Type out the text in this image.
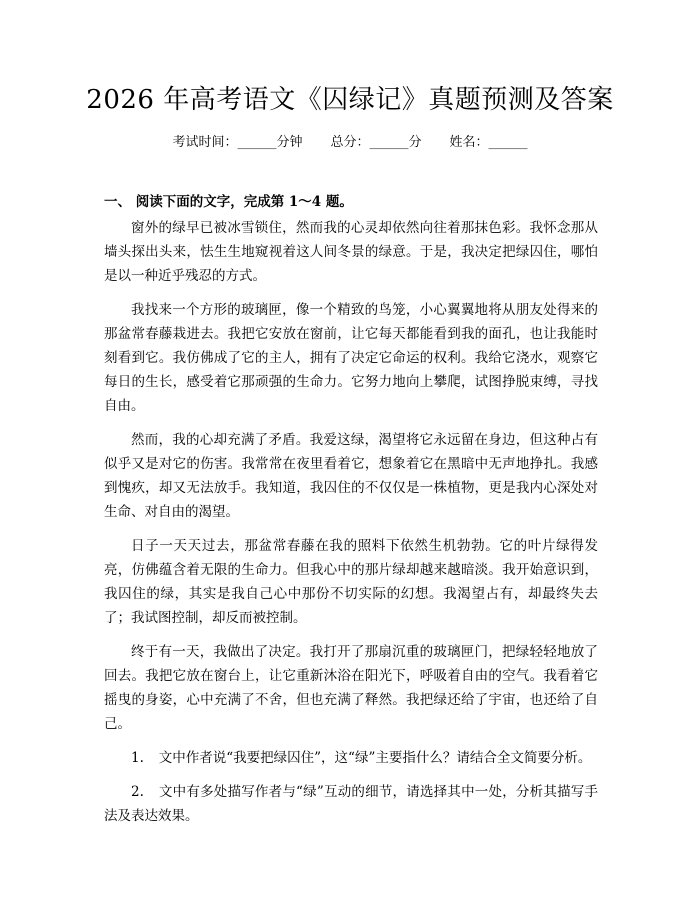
2026 年高考语文《囚绿记》真题预测及答案
考试时间：______分钟 总分：______分 姓名：______
一、 阅读下面的文字，完成第 1～4 题。

窗外的绿早已被冰雪锁住，然而我的心灵却依然向往着那抹色彩。我怀念那从墙头探出头来，怯生生地窥视着这人间冬景的绿意。于是，我决定把绿囚住，哪怕是以一种近乎残忍的方式。

我找来一个方形的玻璃匣，像一个精致的鸟笼，小心翼翼地将从朋友处得来的那盆常春藤栽进去。我把它安放在窗前，让它每天都能看到我的面孔，也让我能时刻看到它。我仿佛成了它的主人，拥有了决定它命运的权利。我给它浇水，观察它每日的生长，感受着它那顽强的生命力。它努力地向上攀爬，试图挣脱束缚，寻找自由。

然而，我的心却充满了矛盾。我爱这绿，渴望将它永远留在身边，但这种占有似乎又是对它的伤害。我常常在夜里看着它，想象着它在黑暗中无声地挣扎。我感到愧疚，却又无法放手。我知道，我囚住的不仅仅是一株植物，更是我内心深处对生命、对自由的渴望。

日子一天天过去，那盆常春藤在我的照料下依然生机勃勃。它的叶片绿得发亮，仿佛蕴含着无限的生命力。但我心中的那片绿却越来越暗淡。我开始意识到，我囚住的绿，其实是我自己心中那份不切实际的幻想。我渴望占有，却最终失去了；我试图控制，却反而被控制。

终于有一天，我做出了决定。我打开了那扇沉重的玻璃匣门，把绿轻轻地放了回去。我把它放在窗台上，让它重新沐浴在阳光下，呼吸着自由的空气。我看着它摇曳的身姿，心中充满了不舍，但也充满了释然。我把绿还给了宇宙，也还给了自己。

1. 文中作者说“我要把绿囚住”，这“绿”主要指什么？请结合全文简要分析。
2. 文中有多处描写作者与“绿”互动的细节，请选择其中一处，分析其描写手法及表达效果。
